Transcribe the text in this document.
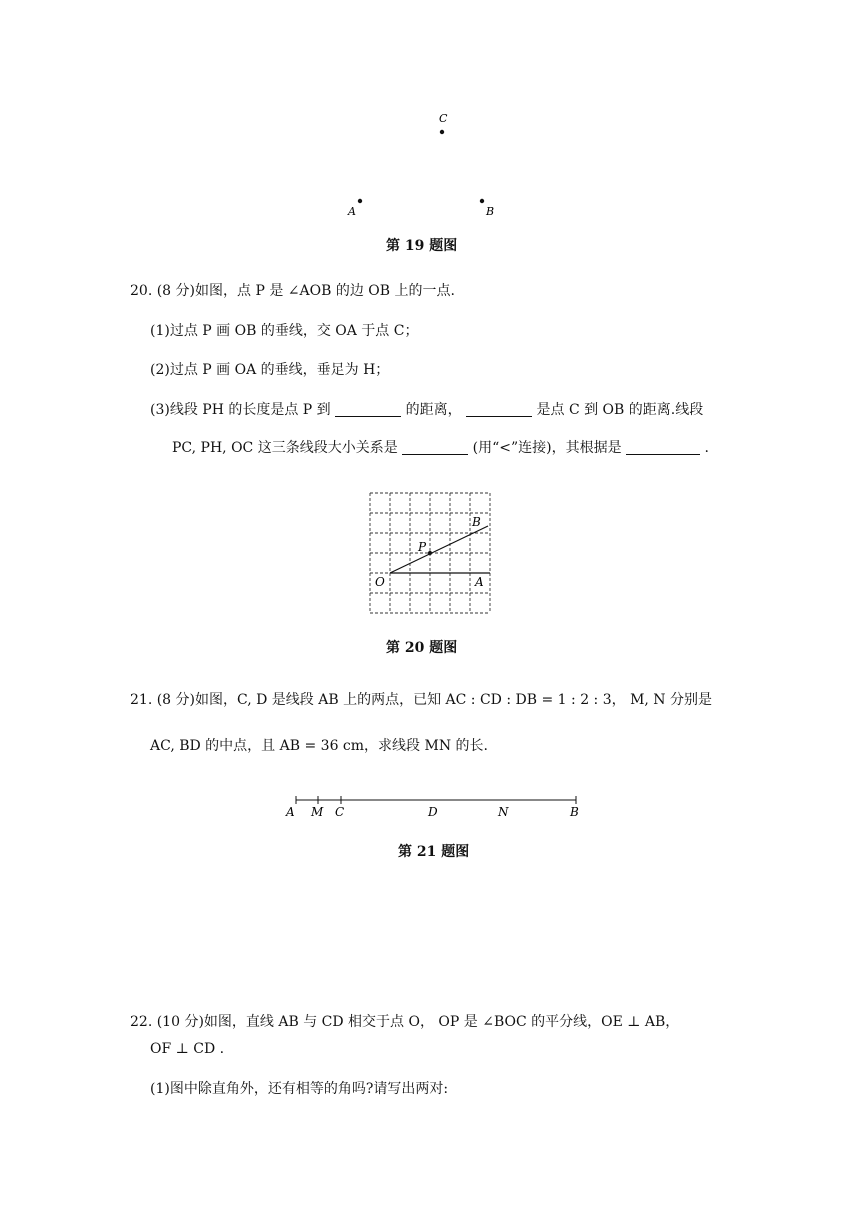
C
A	B
第 19 题图
20. (8 分)如图，点 P 是 ∠AOB 的边 OB 上的一点.
(1)过点 P 画 OB 的垂线，交 OA 于点 C；
(2)过点 P 画 OA 的垂线，垂足为 H；
(3)线段 PH 的长度是点 P 到	的距离，	是点 C 到 OB 的距离.线段
PC, PH, OC 这三条线段大小关系是	(用“<”连接)，其根据是	.
O	A
B
P
第 20 题图
21. (8 分)如图，C, D 是线段 AB 上的两点，已知 AC : CD : DB = 1 : 2 : 3， M, N 分别是
AC, BD 的中点，且 AB = 36 cm，求线段 MN 的长.
A M C	D	N	B
第 21 题图
22. (10 分)如图，直线 AB 与 CD 相交于点 O， OP 是 ∠BOC 的平分线，OE ⊥ AB，
OF ⊥ CD .
(1)图中除直角外，还有相等的角吗?请写出两对:
